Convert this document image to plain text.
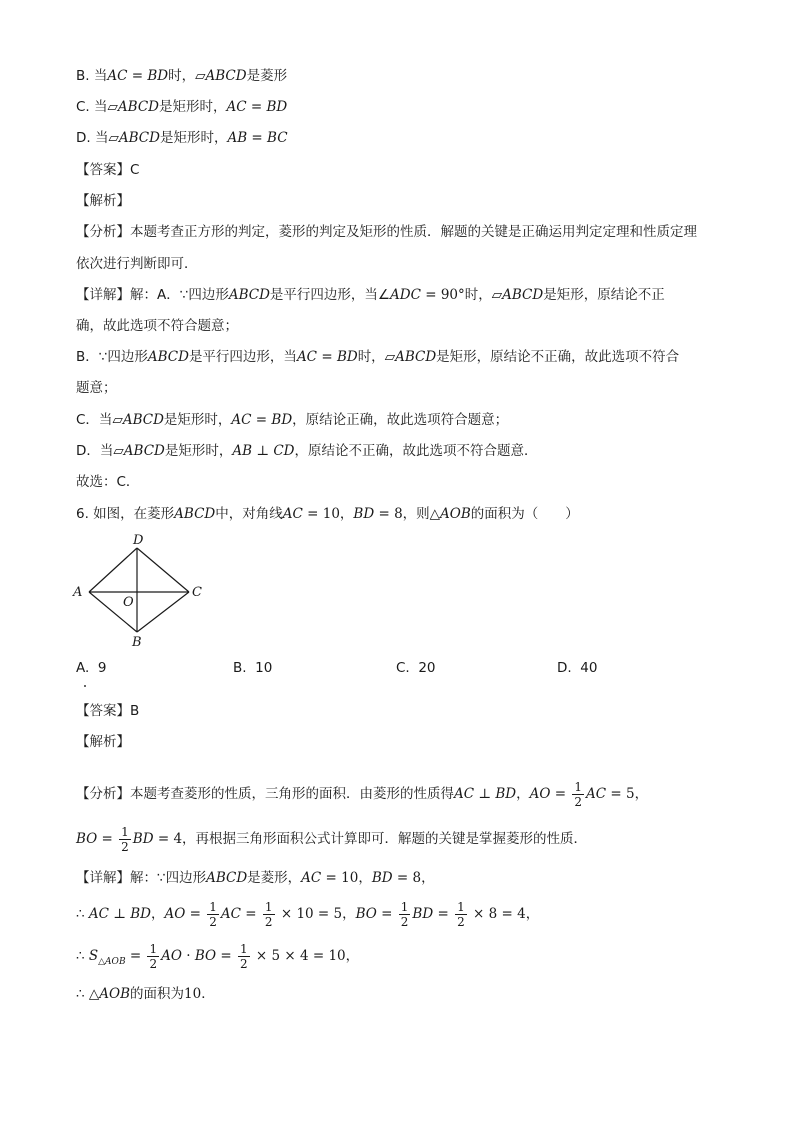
B. 当AC = BD时，▱ABCD是菱形
C. 当▱ABCD是矩形时，AC = BD
D. 当▱ABCD是矩形时，AB = BC
【答案】C
【解析】
【分析】本题考查正方形的判定，菱形的判定及矩形的性质．解题的关键是正确运用判定定理和性质定理
依次进行判断即可．
【详解】解：A．∵四边形ABCD是平行四边形，当∠ADC = 90°时，▱ABCD是矩形，原结论不正
确，故此选项不符合题意；
B．∵四边形ABCD是平行四边形，当AC = BD时，▱ABCD是矩形，原结论不正确，故此选项不符合
题意；
C．当▱ABCD是矩形时，AC = BD，原结论正确，故此选项符合题意；
D．当▱ABCD是矩形时，AB ⊥ CD，原结论不正确，故此选项不符合题意．
故选：C．
6. 如图，在菱形ABCD中，对角线AC = 10，BD = 8，则△AOB的面积为（　　）
D
A	C
O
B
A. 9	B. 10	C. 20	D. 40
【答案】B
【解析】
【分析】本题考查菱形的性质，三角形的面积．由菱形的性质得AC ⊥ BD，AO = $\frac{1}{2}$ AC = 5，
BO = $\frac{1}{2}$ BD = 4，再根据三角形面积公式计算即可．解题的关键是掌握菱形的性质．
【详解】解：∵四边形ABCD是菱形，AC = 10，BD = 8，
∴ AC ⊥ BD，AO = $\frac{1}{2}$ AC = $\frac{1}{2} \times 10 = 5$，BO = $\frac{1}{2}$ BD = $\frac{1}{2} \times 8 = 4$，
∴ $S_{\triangle AOB} = \frac{1}{2}$ AO · BO = $\frac{1}{2} \times 5 \times 4 = 10$，
∴ △AOB的面积为10．
